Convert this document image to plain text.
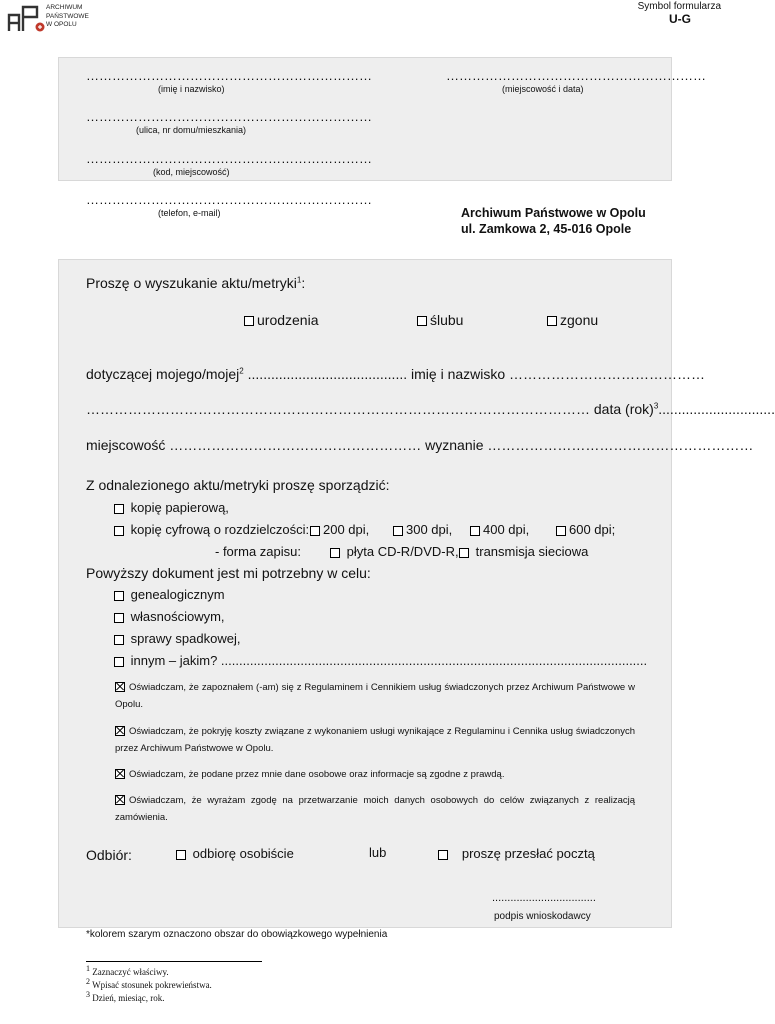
ARCHIWUM
PAŃSTWOWE
W OPOLU
Symbol formularza
U-G
…………………………………………………………
(imię i nazwisko)
……………………………………………………
(miejscowość i data)
…………………………………………………………
(ulica, nr domu/mieszkania)
…………………………………………………………
(kod, miejscowość)
…………………………………………………………
(telefon, e-mail)	Archiwum Państwowe w Opolu
ul. Zamkowa 2, 45-016 Opole
Proszę o wyszukanie aktu/metryki$^1$:
urodzenia	ślubu	zgonu
dotyczącej mojego/mojej$^2$ ......................................... imię i nazwisko ……………………………………
……………………………………………………………………………………………… data (rok)$^3$..............................
miejscowość ……………………………………………… wyznanie …………………………………………………
Z odnalezionego aktu/metryki proszę sporządzić:
kopię papierową,
kopię cyfrową o rozdzielczości:	200 dpi,	300 dpi,	400 dpi,	600 dpi;
- forma zapisu:	płyta CD-R/DVD-R,	transmisja sieciowa
Powyższy dokument jest mi potrzebny w celu:
genealogicznym
własnościowym,
sprawy spadkowej,
innym – jakim? ......................................................................................................................
Oświadczam, że zapoznałem (-am) się z Regulaminem i Cennikiem usług świadczonych przez Archiwum Państwowe w Opolu.
Oświadczam, że pokryję koszty związane z wykonaniem usługi wynikające z Regulaminu i Cennika usług świadczonych przez Archiwum Państwowe w Opolu.
Oświadczam, że podane przez mnie dane osobowe oraz informacje są zgodne z prawdą.
Oświadczam, że wyrażam zgodę na przetwarzanie moich danych osobowych do celów związanych z realizacją zamówienia.
Odbiór:	odbiorę osobiście	lub	proszę przesłać pocztą
..................................
podpis wnioskodawcy
*kolorem szarym oznaczono obszar do obowiązkowego wypełnienia
$^1$ Zaznaczyć właściwy.
$^2$ Wpisać stosunek pokrewieństwa.
$^3$ Dzień, miesiąc, rok.
